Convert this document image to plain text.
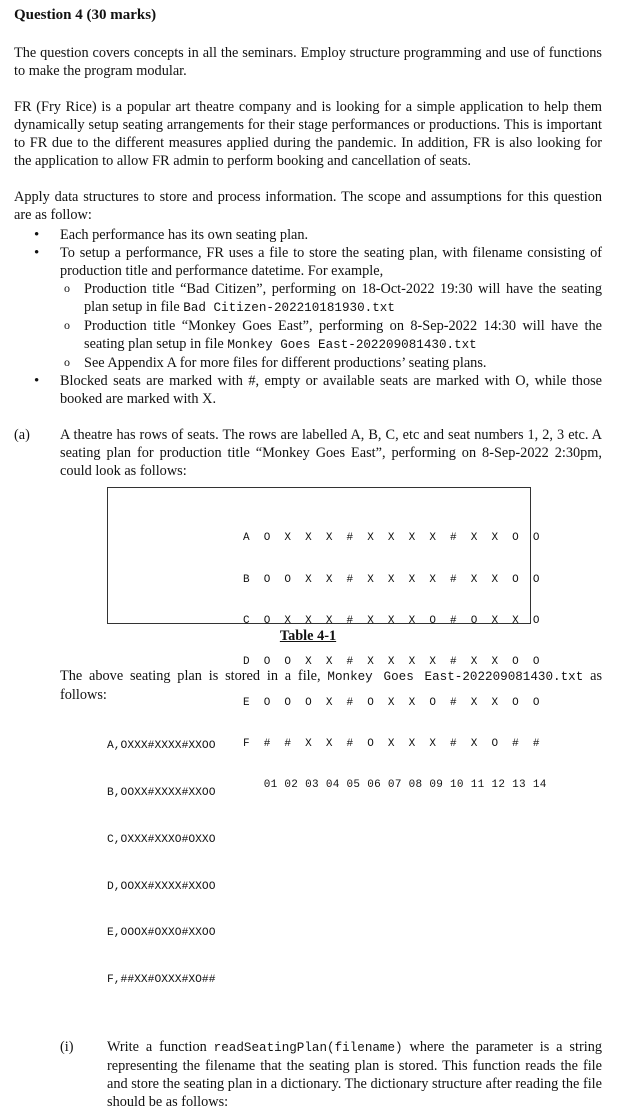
Question 4 (30 marks)

The question covers concepts in all the seminars. Employ structure programming and use of functions to make the program modular.

FR (Fry Rice) is a popular art theatre company and is looking for a simple application to help them dynamically setup seating arrangements for their stage performances or productions. This is important to FR due to the different measures applied during the pandemic. In addition, FR is also looking for the application to allow FR admin to perform booking and cancellation of seats.

Apply data structures to store and process information. The scope and assumptions for this question are as follow:
• Each performance has its own seating plan.
• To setup a performance, FR uses a file to store the seating plan, with filename consisting of production title and performance datetime. For example,
o Production title “Bad Citizen”, performing on 18-Oct-2022 19:30 will have the seating plan setup in file Bad Citizen-202210181930.txt
o Production title “Monkey Goes East”, performing on 8-Sep-2022 14:30 will have the seating plan setup in file Monkey Goes East-202209081430.txt
o See Appendix A for more files for different productions’ seating plans.
• Blocked seats are marked with #, empty or available seats are marked with O, while those booked are marked with X.
(a) A theatre has rows of seats. The rows are labelled A, B, C, etc and seat numbers 1, 2, 3 etc. A seating plan for production title “Monkey Goes East”, performing on 8-Sep-2022 2:30pm, could look as follows:

A  O  X  X  X  #  X  X  X  X  #  X  X  O  O

B  O  O  X  X  #  X  X  X  X  #  X  X  O  O

C  O  X  X  X  #  X  X  X  O  #  O  X  X  O

D  O  O  X  X  #  X  X  X  X  #  X  X  O  O

E  O  O  O  X  #  O  X  X  O  #  X  X  O  O

F  #  #  X  X  #  O  X  X  X  #  X  O  #  #

01 02 03 04 05 06 07 08 09 10 11 12 13 14

Table 4-1
The above seating plan is stored in a file, Monkey Goes East-202209081430.txt as follows:

A,OXXX#XXXX#XXOO

B,OOXX#XXXX#XXOO

C,OXXX#XXXO#OXXO

D,OOXX#XXXX#XXOO

E,OOOX#OXXO#XXOO

F,##XX#OXXX#XO##

(i) Write a function readSeatingPlan(filename) where the parameter is a string representing the filename that the seating plan is stored. This function reads the file and store the seating plan in a dictionary. The dictionary structure after reading the file should be as follows:
